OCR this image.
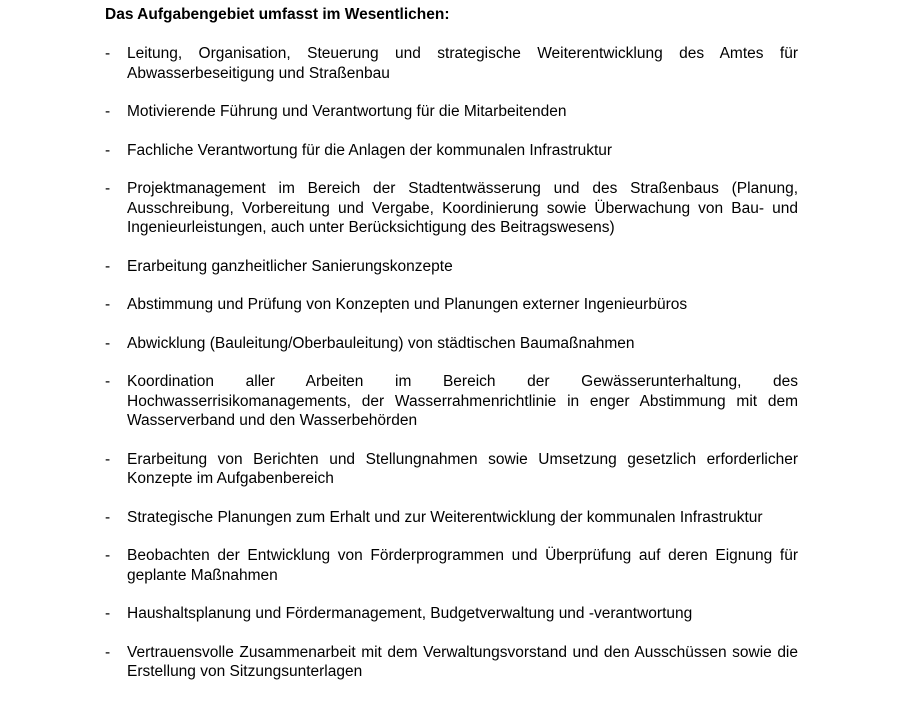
Das Aufgabengebiet umfasst im Wesentlichen:
-	Leitung, Organisation, Steuerung und strategische Weiterentwicklung des Amtes für Abwasserbeseitigung und Straßenbau
-	Motivierende Führung und Verantwortung für die Mitarbeitenden
-	Fachliche Verantwortung für die Anlagen der kommunalen Infrastruktur
-	Projektmanagement im Bereich der Stadtentwässerung und des Straßenbaus (Planung, Ausschreibung, Vorbereitung und Vergabe, Koordinierung sowie Überwachung von Bau- und Ingenieurleistungen, auch unter Berücksichtigung des Beitragswesens)
-	Erarbeitung ganzheitlicher Sanierungskonzepte
-	Abstimmung und Prüfung von Konzepten und Planungen externer Ingenieurbüros
-	Abwicklung (Bauleitung/Oberbauleitung) von städtischen Baumaßnahmen
-	Koordination aller Arbeiten im Bereich der Gewässerunterhaltung, des Hochwasserrisikomanagements, der Wasserrahmenrichtlinie in enger Abstimmung mit dem Wasserverband und den Wasserbehörden
-	Erarbeitung von Berichten und Stellungnahmen sowie Umsetzung gesetzlich erforderlicher Konzepte im Aufgabenbereich
-	Strategische Planungen zum Erhalt und zur Weiterentwicklung der kommunalen Infrastruktur
-	Beobachten der Entwicklung von Förderprogrammen und Überprüfung auf deren Eignung für geplante Maßnahmen
-	Haushaltsplanung und Fördermanagement, Budgetverwaltung und -verantwortung
-	Vertrauensvolle Zusammenarbeit mit dem Verwaltungsvorstand und den Ausschüssen sowie die Erstellung von Sitzungsunterlagen
